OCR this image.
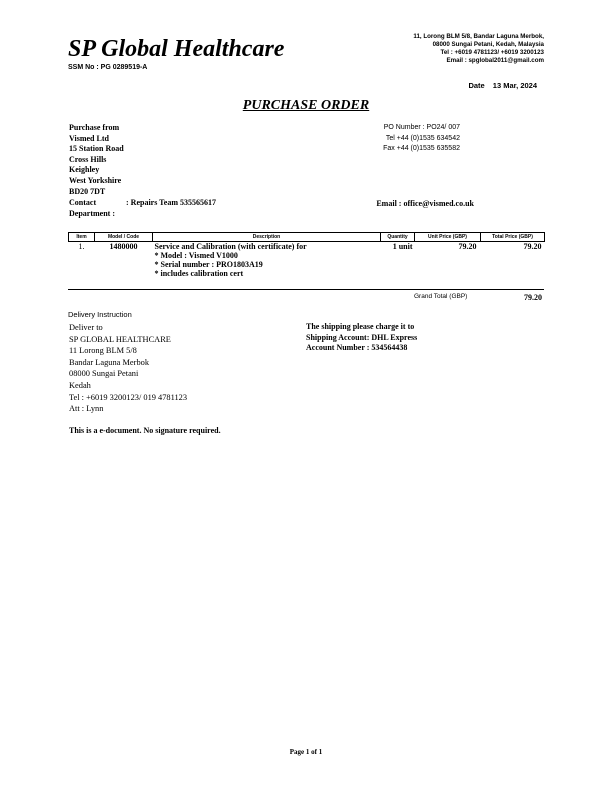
SP Global Healthcare
SSM No : PG 0289519-A
11, Lorong BLM 5/8, Bandar Laguna Merbok,
08000 Sungai Petani, Kedah, Malaysia
Tel : +6019 4781123/ +6019 3200123
Email : spglobal2011@gmail.com
Date 13 Mar, 2024
PURCHASE ORDER
Purchase from
Vismed Ltd
15 Station Road
Cross Hills
Keighley
West Yorkshire
BD20 7DT
Contact	: Repairs Team 535565617
Department :
PO Number : PO24/ 007
Tel +44 (0)1535 634542
Fax +44 (0)1535 635582
Email : office@vismed.co.uk
Item	Model / Code	Description	Quantity	Unit Price (GBP)	Total Price (GBP)
1.	1480000	Service and Calibration (with certificate) for
* Model : Vismed V1000
* Serial number : PRO1803A19
* includes calibration cert	1 unit	79.20	79.20
Grand Total (GBP)	79.20
Delivery Instruction
Deliver to
SP GLOBAL HEALTHCARE
11 Lorong BLM 5/8
Bandar Laguna Merbok
08000 Sungai Petani
Kedah
Tel : +6019 3200123/ 019 4781123
Att : Lynn
The shipping please charge it to
Shipping Account: DHL Express
Account Number : 534564438
This is a e-document. No signature required.
Page 1 of 1
